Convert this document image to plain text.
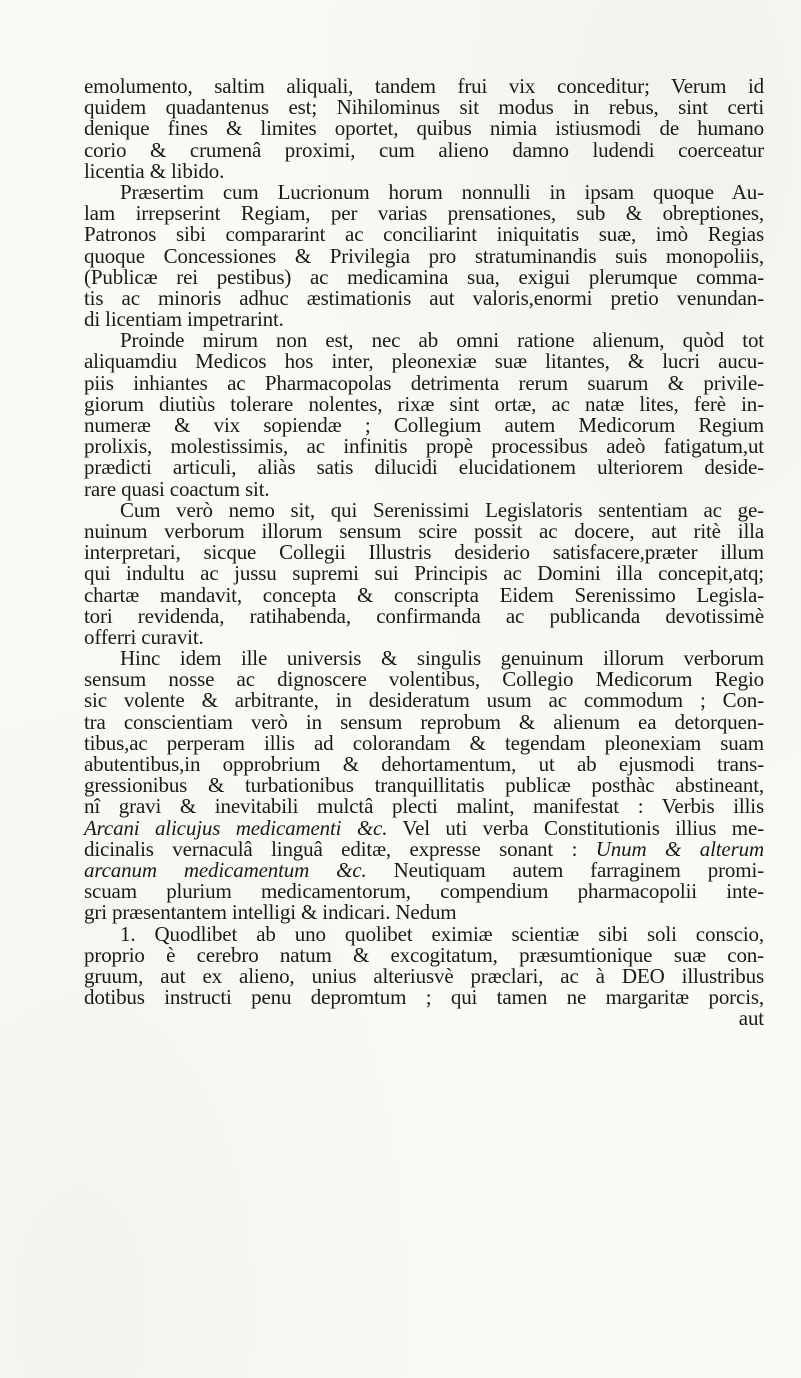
emolumento, saltim aliquali, tandem frui vix conceditur; Verum id
quidem quadantenus est; Nihilominus sit modus in rebus, sint certi
denique fines & limites oportet, quibus nimia istiusmodi de humano
corio & crumenâ proximi, cum alieno damno ludendi coerceatur
licentia & libido.
Præsertim cum Lucrionum horum nonnulli in ipsam quoque Au-
lam irrepserint Regiam, per varias prensationes, sub & obreptiones,
Patronos sibi compararint ac conciliarint iniquitatis suæ, imò Regias
quoque Concessiones & Privilegia pro stratuminandis suis monopoliis,
(Publicæ rei pestibus) ac medicamina sua, exigui plerumque comma-
tis ac minoris adhuc æstimationis aut valoris,enormi pretio venundan-
di licentiam impetrarint.
Proinde mirum non est, nec ab omni ratione alienum, quòd tot
aliquamdiu Medicos hos inter, pleonexiæ suæ litantes, & lucri aucu-
piis inhiantes ac Pharmacopolas detrimenta rerum suarum & privile-
giorum diutiùs tolerare nolentes, rixæ sint ortæ, ac natæ lites, ferè in-
numeræ & vix sopiendæ ; Collegium autem Medicorum Regium
prolixis, molestissimis, ac infinitis propè processibus adeò fatigatum,ut
prædicti articuli, aliàs satis dilucidi elucidationem ulteriorem deside-
rare quasi coactum sit.
Cum verò nemo sit, qui Serenissimi Legislatoris sententiam ac ge-
nuinum verborum illorum sensum scire possit ac docere, aut ritè illa
interpretari, sicque Collegii Illustris desiderio satisfacere,præter illum
qui indultu ac jussu supremi sui Principis ac Domini illa concepit,atq;
chartæ mandavit, concepta & conscripta Eidem Serenissimo Legisla-
tori revidenda, ratihabenda, confirmanda ac publicanda devotissimè
offerri curavit.
Hinc idem ille universis & singulis genuinum illorum verborum
sensum nosse ac dignoscere volentibus, Collegio Medicorum Regio
sic volente & arbitrante, in desideratum usum ac commodum ; Con-
tra conscientiam verò in sensum reprobum & alienum ea detorquen-
tibus,ac perperam illis ad colorandam & tegendam pleonexiam suam
abutentibus,in opprobrium & dehortamentum, ut ab ejusmodi trans-
gressionibus & turbationibus tranquillitatis publicæ posthàc abstineant,
nî gravi & inevitabili mulctâ plecti malint, manifestat : Verbis illis
Arcani alicujus medicamenti &c. Vel uti verba Constitutionis illius me-
dicinalis vernaculâ linguâ editæ, expresse sonant : Unum & alterum
arcanum medicamentum &c. Neutiquam autem farraginem promi-
scuam plurium medicamentorum, compendium pharmacopolii inte-
gri præsentantem intelligi & indicari. Nedum
1. Quodlibet ab uno quolibet eximiæ scientiæ sibi soli conscio,
proprio è cerebro natum & excogitatum, præsumtionique suæ con-
gruum, aut ex alieno, unius alteriusvè præclari, ac à DEO illustribus
dotibus instructi penu depromtum ; qui tamen ne margaritæ porcis,
aut
